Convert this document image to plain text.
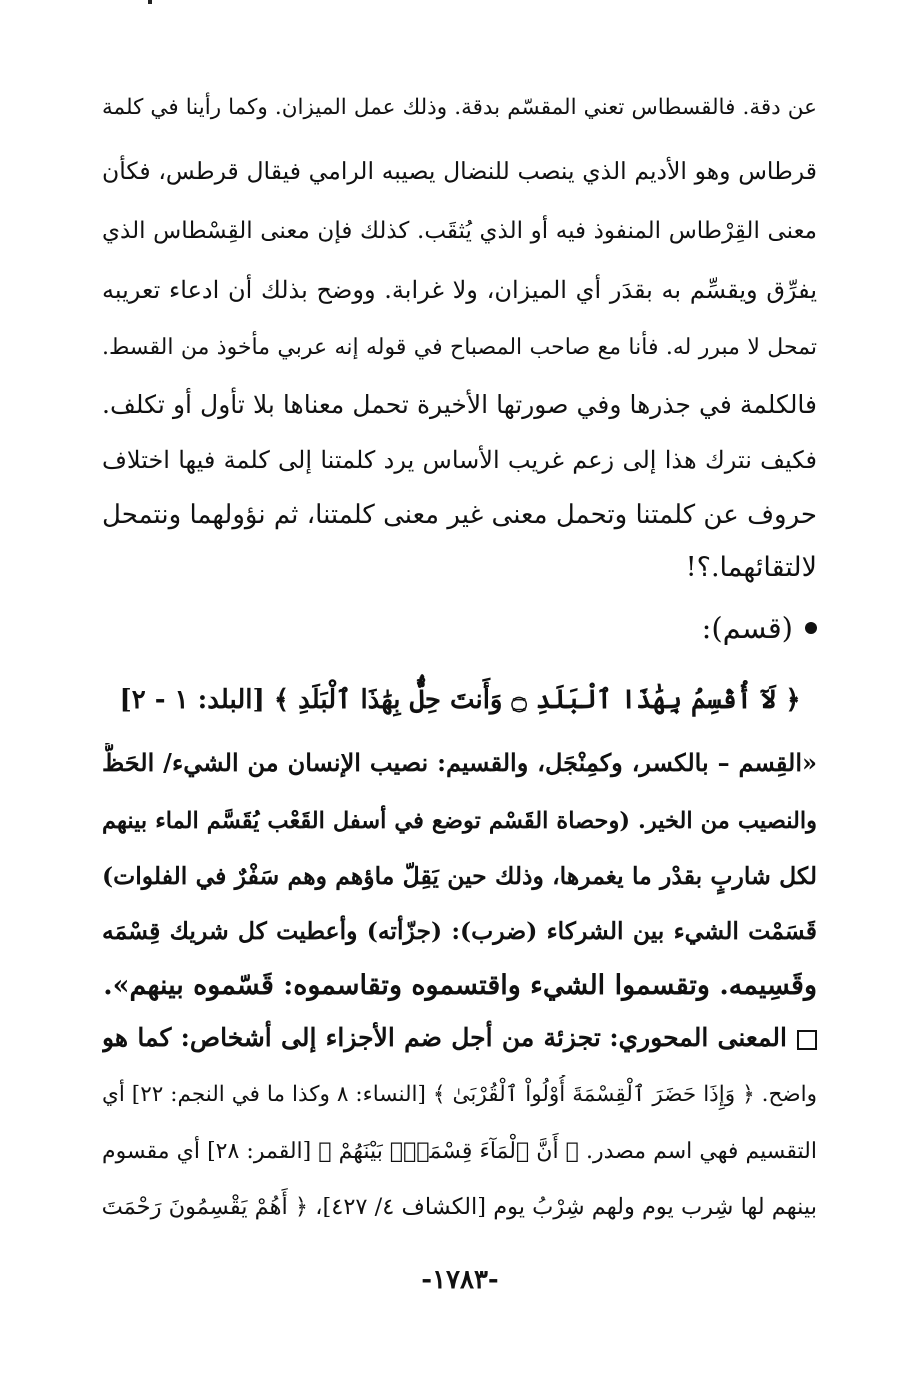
عن دقة. فالقسطاس تعني المقسّم بدقة. وذلك عمل الميزان. وكما رأينا في كلمة
قرطاس وهو الأديم الذي ينصب للنضال يصيبه الرامي فيقال قرطس، فكأن
معنى القِرْطاس المنفوذ فيه أو الذي يُثقَب. كذلك فإن معنى القِسْطاس الذي
يفرِّق ويقسِّم به بقدَر أي الميزان، ولا غرابة. ووضح بذلك أن ادعاء تعريبه
تمحل لا مبرر له. فأنا مع صاحب المصباح في قوله إنه عربي مأخوذ من القسط.
فالكلمة في جذرها وفي صورتها الأخيرة تحمل معناها بلا تأول أو تكلف.
فكيف نترك هذا إلى زعم غريب الأساس يرد كلمتنا إلى كلمة فيها اختلاف
حروف عن كلمتنا وتحمل معنى غير معنى كلمتنا، ثم نؤولهما ونتمحل
لالتقائهما.؟!
(قسم):
﴿ لَآ أُقْسِمُ بِهَٰذَا ٱلْبَلَدِ ۝ وَأَنتَ حِلٌّۢ بِهَٰذَا ٱلْبَلَدِ ﴾ [البلد: ١ - ٢]
«القِسم – بالكسر، وكمِنْجَل، والقسيم: نصيب الإنسان من الشيء/ الحَظُّ
والنصيب من الخير. (وحصاة القَسْم توضع في أسفل القَعْب يُقَسَّم الماء بينهم
لكل شاربٍ بقدْر ما يغمرها، وذلك حين يَقِلّ ماؤهم وهم سَفْرٌ في الفلوات)
قَسَمْت الشيء بين الشركاء (ضرب): (جزّأته) وأعطيت كل شريك قِسْمَه
وقَسِيمه. وتقسموا الشيء واقتسموه وتقاسموه: قَسّموه بينهم».
المعنى المحوري: تجزئة من أجل ضم الأجزاء إلى أشخاص: كما هو
واضح. ﴿ وَإِذَا حَضَرَ ٱلْقِسْمَةَ أُوْلُواْ ٱلْقُرْبَىٰ ﴾ [النساء: ٨ وكذا ما في النجم: ٢٢] أي
التقسيم فهي اسم مصدر. ﴿ أَنَّ ٱلْمَآءَ قِسْمَةٌۢ بَيْنَهُمْ ﴾ [القمر: ٢٨] أي مقسوم
بينهم لها شِرب يوم ولهم شِرْبُ يوم [الكشاف ٤/ ٤٢٧]، ﴿ أَهُمْ يَقْسِمُونَ رَحْمَتَ
-١٧٨٣-
